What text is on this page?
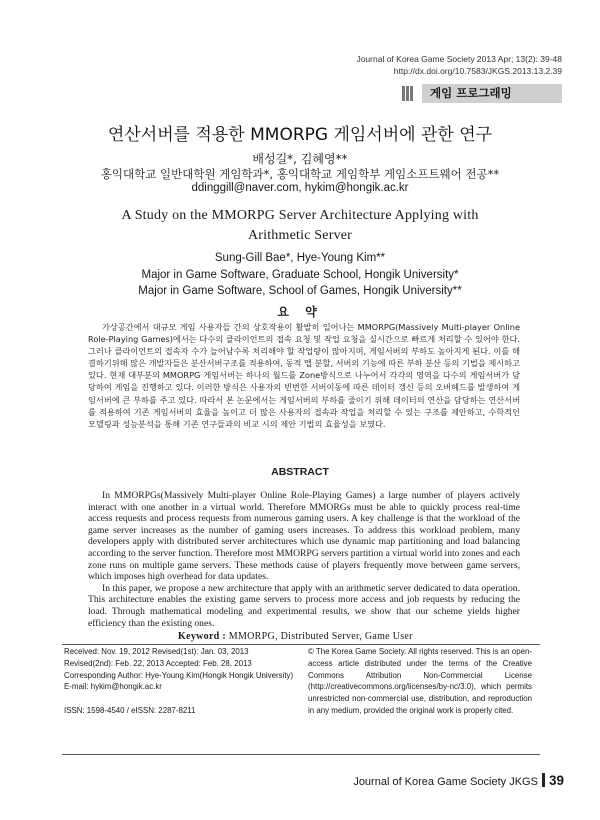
Journal of Korea Game Society 2013 Apr; 13(2): 39-48
http://dx.doi.org/10.7583/JKGS.2013.13.2.39
게임 프로그래밍
연산서버를 적용한 MMORPG 게임서버에 관한 연구
배성길*, 김혜영**
홍익대학교 일반대학원 게임학과*, 홍익대학교 게임학부 게임소프트웨어 전공**
ddinggill@naver.com, hykim@hongik.ac.kr
A Study on the MMORPG Server Architecture Applying with
Arithmetic Server
Sung-Gill Bae*, Hye-Young Kim**
Major in Game Software, Graduate School, Hongik University*
Major in Game Software, School of Games, Hongik University**
요 약

가상공간에서 대규모 게임 사용자들 간의 상호작용이 활발히 일어나는 MMORPG(Massively Multi-player Online Role-Playing Games)에서는 다수의 클라이언트의 접속 요청 및 작업 요청을 실시간으로 빠르게 처리할 수 있어야 한다. 그러나 클라이언트의 접속자 수가 늘어남수록 처리해야 할 작업량이 많아지며, 게임서버의 부하도 높아지게 된다. 이를 해결하기위해 많은 개발자들은 분산서버구조를 적용하여, 동적 맵 분할, 서버의 기능에 따른 부하 분산 등의 기법을 제시하고 있다. 현재 대부분의 MMORPG 게임서버는 하나의 월드를 Zone방식으로 나누어서 각각의 영역을 다수의 게임서버가 담당하여 게임을 진행하고 있다. 이러한 방식은 사용자의 빈번한 서버이동에 따른 데이터 갱신 등의 오버헤드를 발생하여 게임서버에 큰 부하를 주고 있다. 따라서 본 논문에서는 게임서버의 부하를 줄이기 위해 데이터의 연산을 담당하는 연산서버를 적용하여 기존 게임서버의 효율을 높이고 더 많은 사용자의 접속과 작업을 처리할 수 있는 구조를 제안하고, 수학적인 모델링과 성능분석을 통해 기존 연구들과의 비교 시의 제안 기법의 효율성을 보였다.

ABSTRACT

In MMORPGs(Massively Multi-player Online Role-Playing Games) a large number of players actively interact with one another in a virtual world. Therefore MMORGs must be able to quickly process real-time access requests and process requests from numerous gaming users. A key challenge is that the workload of the game server increases as the number of gaming users increases. To address this workload problem, many developers apply with distributed server architectures which use dynamic map partitioning and load balancing according to the server function. Therefore most MMORPG servers partition a virtual world into zones and each zone runs on multiple game servers. These methods cause of players frequently move between game servers, which imposes high overhead for data updates.

In this paper, we propose a new architecture that apply with an arithmetic server dedicated to data operation. This architecture enables the existing game servers to process more access and job requests by reducing the load. Through mathematical modeling and experimental results, we show that our scheme yields higher efficiency than the existing ones.

Keyword : MMORPG, Distributed Server, Game User
Received: Nov. 19, 2012 Revised(1st): Jan. 03, 2013
Revised(2nd): Feb. 22, 2013 Accepted: Feb. 28, 2013
Corresponding Author: Hye-Young Kim(Hongik Hongik University)
E-mail: hykim@hongik.ac.kr
ISSN: 1598-4540 / eISSN: 2287-8211
© The Korea Game Society. All rights reserved. This is an open-access article distributed under the terms of the Creative Commons Attribution Non-Commercial License (http://creativecommons.org/licenses/by-nc/3.0), which permits unrestricted non-commercial use, distribution, and reproduction in any medium, provided the original work is properly cited.
Journal of Korea Game Society JKGS 39
